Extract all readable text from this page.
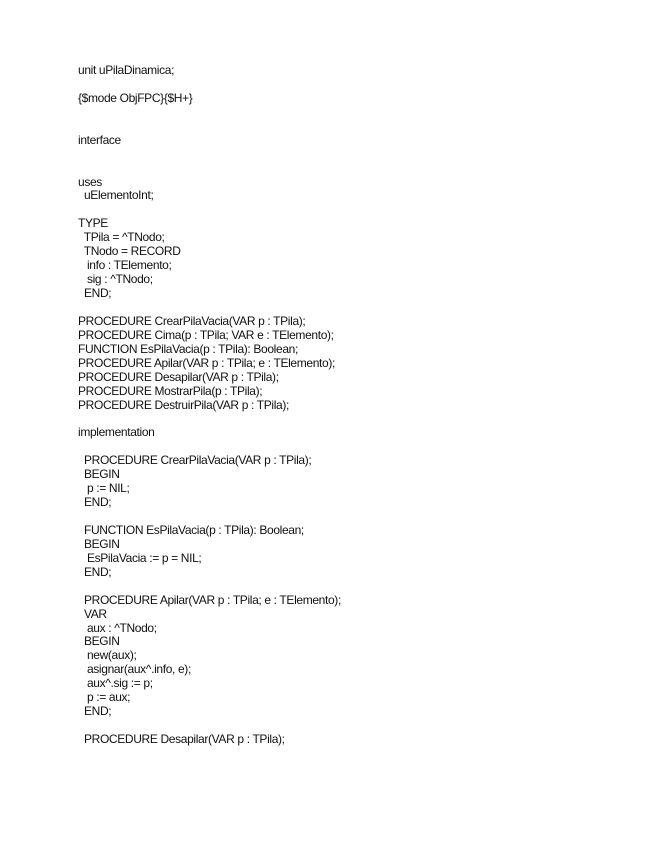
unit uPilaDinamica;
{$mode ObjFPC}{$H+}
interface
uses
uElementoInt;
TYPE
TPila = ^TNodo;
TNodo = RECORD
info : TElemento;
sig : ^TNodo;
END;
PROCEDURE CrearPilaVacia(VAR p : TPila);
PROCEDURE Cima(p : TPila; VAR e : TElemento);
FUNCTION EsPilaVacia(p : TPila): Boolean;
PROCEDURE Apilar(VAR p : TPila; e : TElemento);
PROCEDURE Desapilar(VAR p : TPila);
PROCEDURE MostrarPila(p : TPila);
PROCEDURE DestruirPila(VAR p : TPila);
implementation
PROCEDURE CrearPilaVacia(VAR p : TPila);
BEGIN
p := NIL;
END;
FUNCTION EsPilaVacia(p : TPila): Boolean;
BEGIN
EsPilaVacia := p = NIL;
END;
PROCEDURE Apilar(VAR p : TPila; e : TElemento);
VAR
aux : ^TNodo;
BEGIN
new(aux);
asignar(aux^.info, e);
aux^.sig := p;
p := aux;
END;
PROCEDURE Desapilar(VAR p : TPila);
